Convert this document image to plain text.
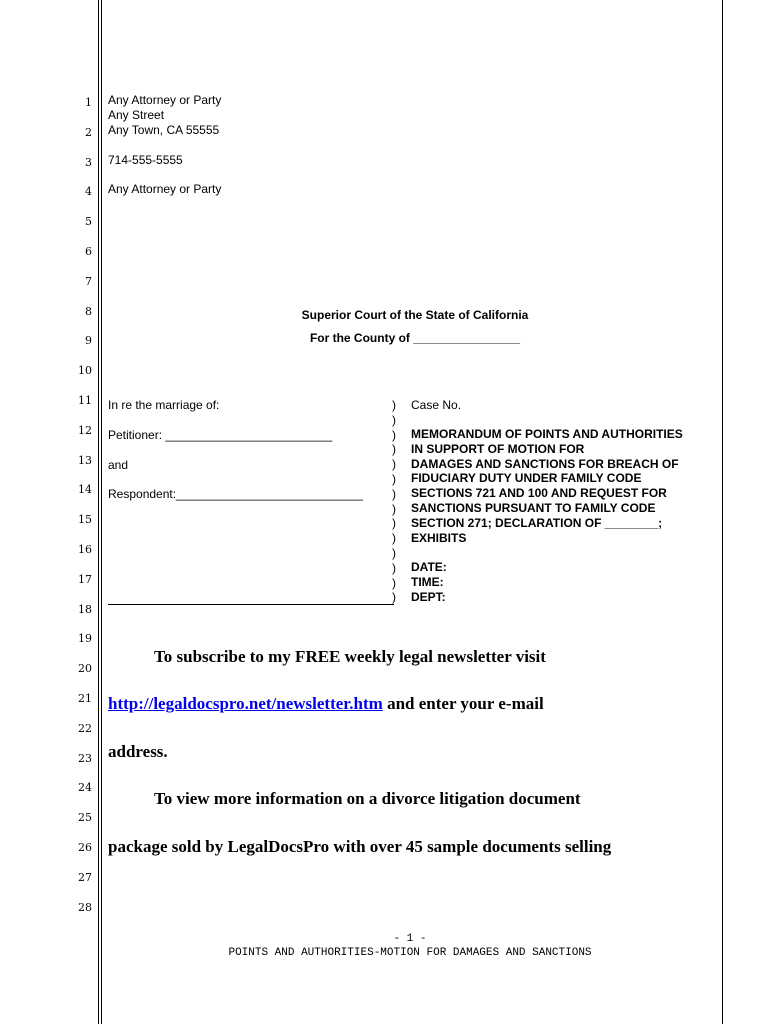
1
2
3
4
5
6
7
8
9
10
11
12
13
14
15
16
17
18
19
20
21
22
23
24
25
26
27
28
Any Attorney or Party
Any Street
Any Town, CA 55555
714-555-5555
Any Attorney or Party
Superior Court of the State of California
For the County of ________________
In re the marriage of:
Petitioner: _________________________
and
Respondent:____________________________
)
)
)
)
)
)
)
)
)
)
)
)
)
)
Case No.
MEMORANDUM OF POINTS AND AUTHORITIES
IN SUPPORT OF MOTION FOR
DAMAGES AND SANCTIONS FOR BREACH OF
FIDUCIARY DUTY UNDER FAMILY CODE
SECTIONS 721 AND 100 AND REQUEST FOR
SANCTIONS PURSUANT TO FAMILY CODE
SECTION 271; DECLARATION OF ________;
EXHIBITS
DATE:
TIME:
DEPT:
To subscribe to my FREE weekly legal newsletter visit
http://legaldocspro.net/newsletter.htm and enter your e-mail
address.
To view more information on a divorce litigation document
package sold by LegalDocsPro with over 45 sample documents selling
- 1 -
POINTS AND AUTHORITIES-MOTION FOR DAMAGES AND SANCTIONS
